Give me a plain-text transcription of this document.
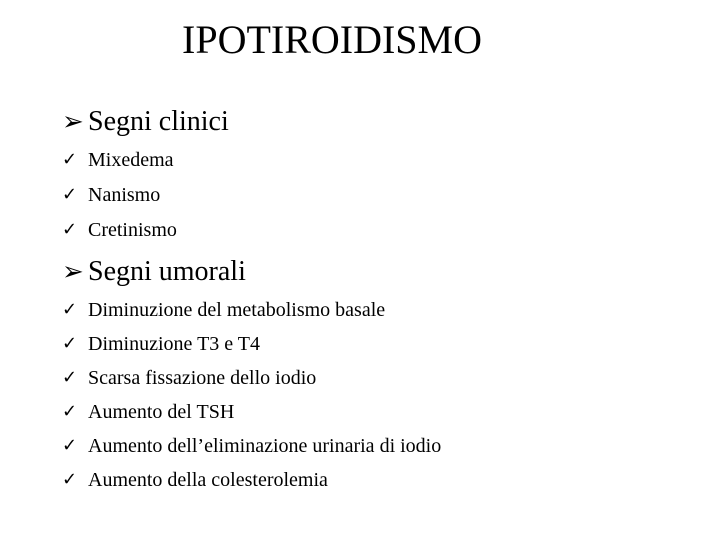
IPOTIROIDISMO
➢ Segni clinici
✓ Mixedema
✓ Nanismo
✓ Cretinismo
➢ Segni umorali
✓ Diminuzione del metabolismo basale
✓ Diminuzione T3 e T4
✓ Scarsa fissazione dello iodio
✓ Aumento del TSH
✓ Aumento dell’eliminazione urinaria di iodio
✓ Aumento della colesterolemia
